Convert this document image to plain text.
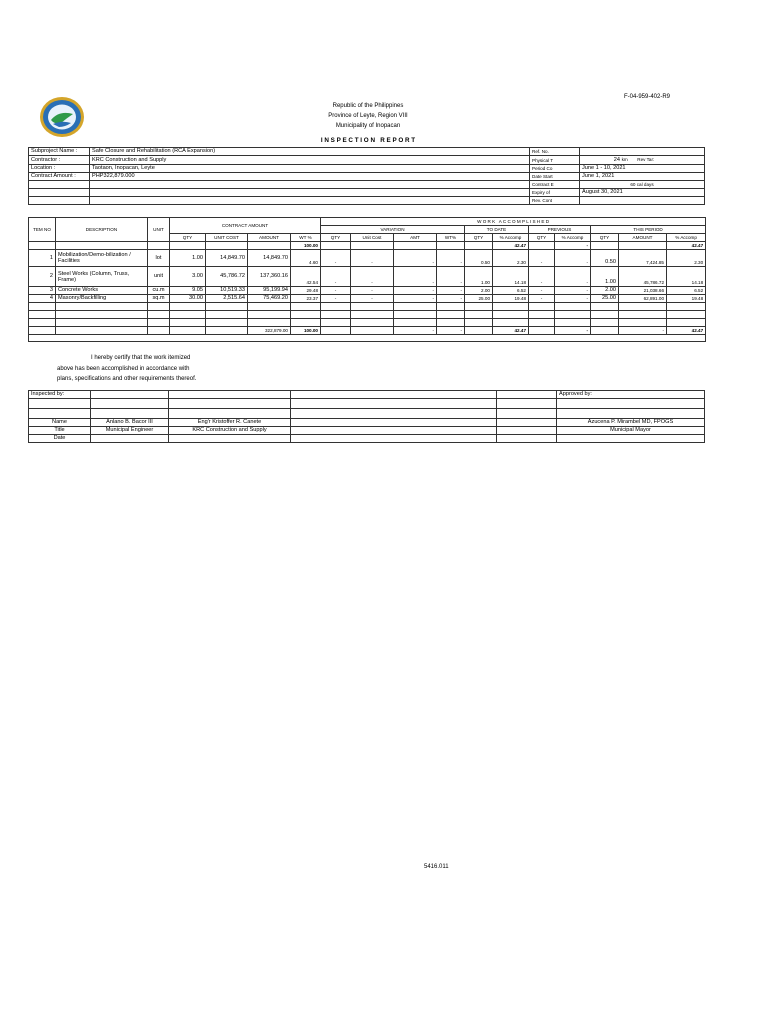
F-04-959-402-R9
Republic of the Philippines
Province of Leyte, Region VIII
Municipality of Inopacan
I N S P E C T I O N   R E P O R T
Subproject Name :	Safe Closure and Rehabilitation (RCA Expansion)	Ref. No.	
Contractor :	KRC Construction and Supply	Physical T	24 km Rev Tar:
Location :	Taotaon, Inopacan, Leyte	Period Co	June 1 - 10, 2021
Contract Amount :	PHP322,879.000	Date Start	June 1, 2021
		Contract E	60 cal days
		Expiry of	August 30, 2021
		Rev. Cont	
TEM NO	DESCRIPTION	UNIT	CONTRACT AMOUNT				W O R K   A C C O M P L I S H E D										
							VARIATION				TO DATE		PREVIOUS		THIS PERIOD		
			QTY	UNIT COST	AMOUNT	WT %	QTY	Unit Cost	AMT	WT%	QTY	% Accomp	QTY	% Accomp	QTY	AMOUNT	% Accomp
						100.00						42.47		-			42.47
1	Mobilization/Demo-bilization / Facilities	lot	1.00	14,849.70	14,849.70	4.60	-	-	-	-	0.50	2.30	-	-	0.50	7,424.85	2.30
2	Steel Works (Column, Truss, Frame)	unit	3.00	45,786.72	137,360.16	42.54	-	-	-	-	1.00	14.18	-	-	1.00	45,786.72	14.18
3	Concrete Works	cu.m	9.05	10,519.33	95,199.94	29.48	-	-	-	-	2.00	6.52	-	-	2.00	21,038.66	6.52
4	Masonry/Backfilling	sq.m	30.00	2,515.64	75,469.20	23.37	-	-	-	-	25.00	19.48	-	-	25.00	62,891.00	19.48

					322,879.00	100.00			-	-		42.47		-		-	42.47

I hereby certify that the work itemized
above has been accomplished in accordance with
plans, specifications and other requirements thereof.
Inspected by:					Approved by:

Name	Anlano B. Bacor III	Eng'r Kristoffer R. Canete			Azucena P. Mirambel MD, FPOGS
Title	Municipal Engineer	KRC Construction and Supply			Municipal Mayor
Date					
5416.011
